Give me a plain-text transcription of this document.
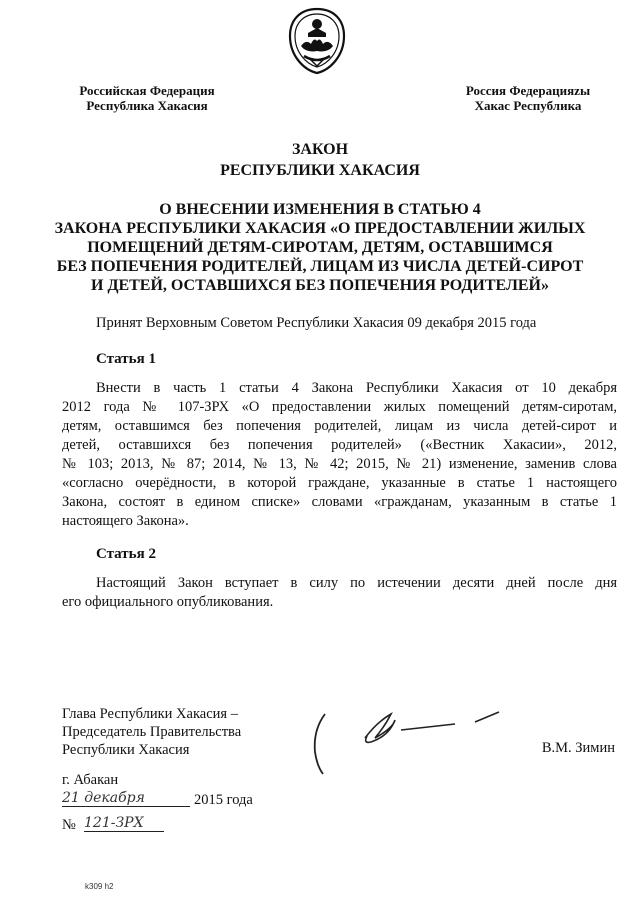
Российская Федерация
Республика Хакасия
Россия Федерацияzы
Хакас Республика
ЗАКОН
РЕСПУБЛИКИ ХАКАСИЯ
О ВНЕСЕНИИ ИЗМЕНЕНИЯ В СТАТЬЮ 4
ЗАКОНА РЕСПУБЛИКИ ХАКАСИЯ «О ПРЕДОСТАВЛЕНИИ ЖИЛЫХ
ПОМЕЩЕНИЙ ДЕТЯМ-СИРОТАМ, ДЕТЯМ, ОСТАВШИМСЯ
БЕЗ ПОПЕЧЕНИЯ РОДИТЕЛЕЙ, ЛИЦАМ ИЗ ЧИСЛА ДЕТЕЙ-СИРОТ
И ДЕТЕЙ, ОСТАВШИХСЯ БЕЗ ПОПЕЧЕНИЯ РОДИТЕЛЕЙ»
Принят Верховным Советом Республики Хакасия 09 декабря 2015 года
Статья 1
Внести в часть 1 статьи 4 Закона Республики Хакасия от 10 декабря
2012 года № 107-ЗРХ «О предоставлении жилых помещений детям-сиротам,
детям, оставшимся без попечения родителей, лицам из числа детей-сирот и
детей, оставшихся без попечения родителей» («Вестник Хакасии», 2012,
№ 103; 2013, № 87; 2014, № 13, № 42; 2015, № 21) изменение, заменив слова
«согласно очерёдности, в которой граждане, указанные в статье 1 настоящего
Закона, состоят в едином списке» словами «гражданам, указанным в статье 1
настоящего Закона».
Статья 2
Настоящий Закон вступает в силу по истечении десяти дней после дня
его официального опубликования.
Глава Республики Хакасия –
Председатель Правительства
Республики Хакасия	В.М. Зимин
г. Абакан
21 декабря	2015 года
№ 121-ЗРХ
k309 h2
